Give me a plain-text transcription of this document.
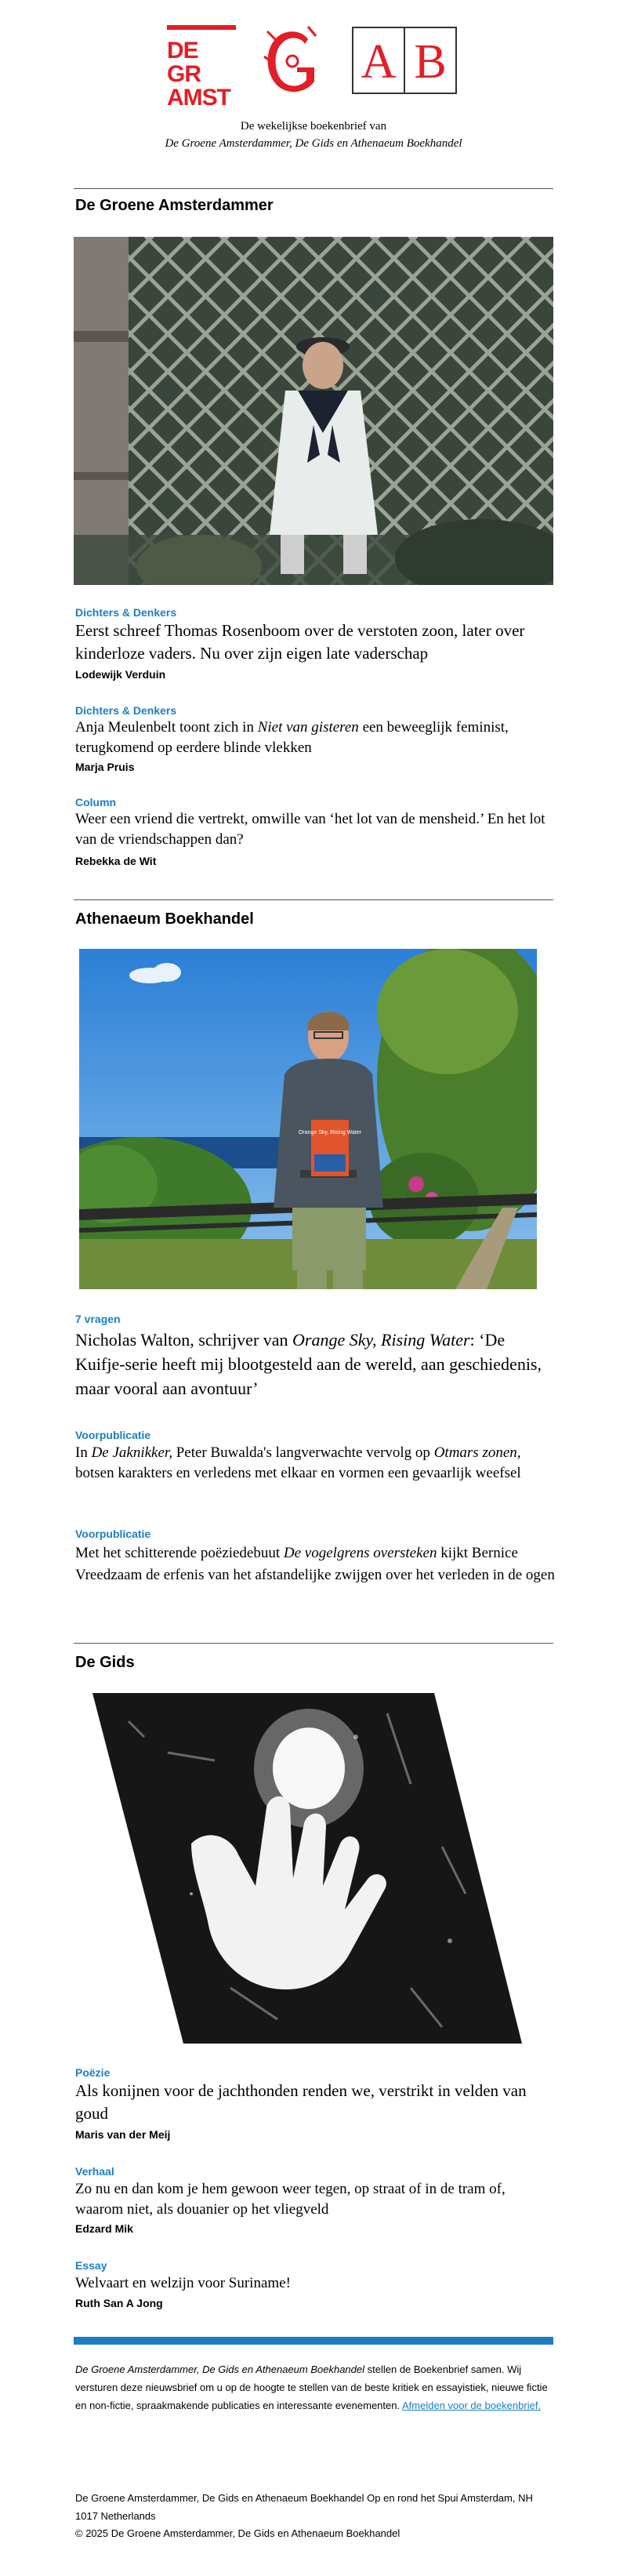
DE GR
AMST
A B
De wekelijkse boekenbrief van
De Groene Amsterdammer, De Gids en Athenaeum Boekhandel
De Groene Amsterdammer
Dichters & Denkers
Eerst schreef Thomas Rosenboom over de verstoten zoon, later over kinderloze vaders. Nu over zijn eigen late vaderschap
Lodewijk Verduin
Dichters & Denkers
Anja Meulenbelt toont zich in Niet van gisteren een beweeglijk feminist, terugkomend op eerdere blinde vlekken
Marja Pruis
Column
Weer een vriend die vertrekt, omwille van ‘het lot van de mensheid.’ En het lot van de vriendschappen dan?
Rebekka de Wit
Athenaeum Boekhandel
Orange Sky, Rising Water
7 vragen
Nicholas Walton, schrijver van Orange Sky, Rising Water: ‘De Kuifje-serie heeft mij blootgesteld aan de wereld, aan geschiedenis, maar vooral aan avontuur’
Voorpublicatie
In De Jaknikker, Peter Buwalda's langverwachte vervolg op Otmars zonen, botsen karakters en verledens met elkaar en vormen een gevaarlijk weefsel
Voorpublicatie
Met het schitterende poëziedebuut De vogelgrens oversteken kijkt Bernice Vreedzaam de erfenis van het afstandelijke zwijgen over het verleden in de ogen
De Gids
Poëzie
Als konijnen voor de jachthonden renden we, verstrikt in velden van goud
Maris van der Meij
Verhaal
Zo nu en dan kom je hem gewoon weer tegen, op straat of in de tram of, waarom niet, als douanier op het vliegveld
Edzard Mik
Essay
Welvaart en welzijn voor Suriname!
Ruth San A Jong
De Groene Amsterdammer, De Gids en Athenaeum Boekhandel stellen de Boekenbrief samen. Wij versturen deze nieuwsbrief om u op de hoogte te stellen van de beste kritiek en essayistiek, nieuwe fictie en non-fictie, spraakmakende publicaties en interessante evenementen. Afmelden voor de boekenbrief.
De Groene Amsterdammer, De Gids en Athenaeum Boekhandel Op en rond het Spui Amsterdam, NH 1017 Netherlands
© 2025 De Groene Amsterdammer, De Gids en Athenaeum Boekhandel
